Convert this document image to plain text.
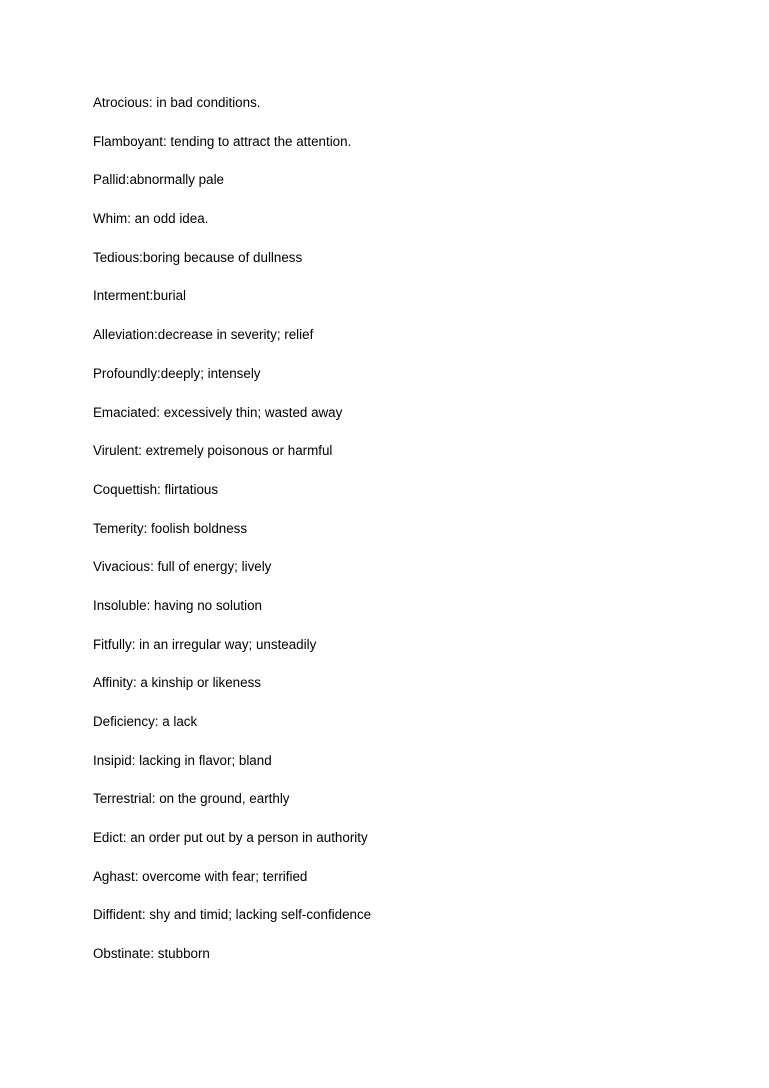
Atrocious: in bad conditions.
Flamboyant: tending to attract the attention.
Pallid:abnormally pale
Whim: an odd idea.
Tedious:boring because of dullness
Interment:burial
Alleviation:decrease in severity; relief
Profoundly:deeply; intensely
Emaciated: excessively thin; wasted away
Virulent: extremely poisonous or harmful
Coquettish: flirtatious
Temerity: foolish boldness
Vivacious: full of energy; lively
Insoluble: having no solution
Fitfully: in an irregular way; unsteadily
Affinity: a kinship or likeness
Deficiency: a lack
Insipid: lacking in flavor; bland
Terrestrial: on the ground, earthly
Edict: an order put out by a person in authority
Aghast: overcome with fear; terrified
Diffident: shy and timid; lacking self-confidence
Obstinate: stubborn
